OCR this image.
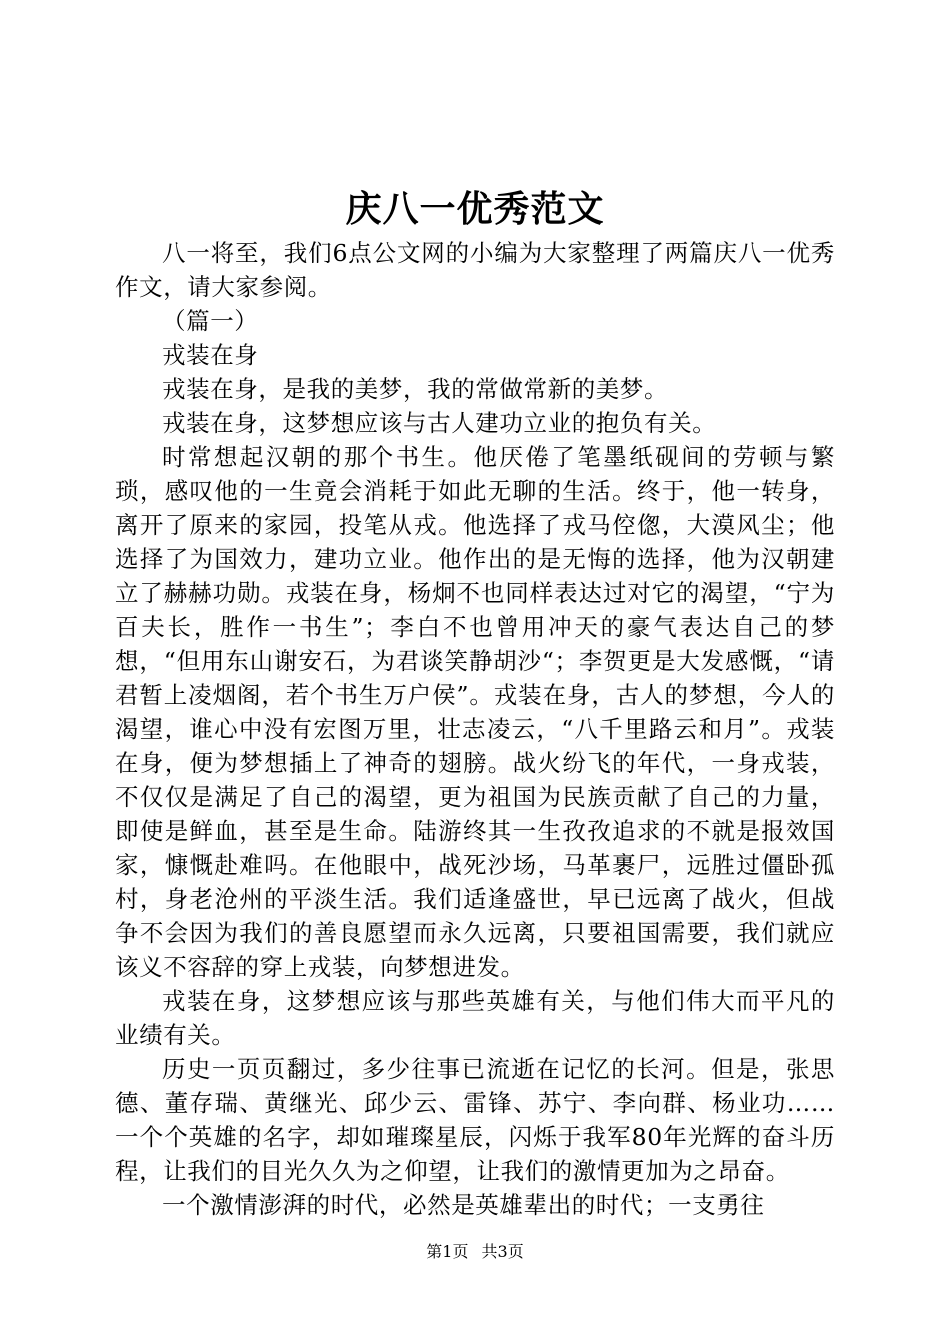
庆八一优秀范文

八一将至，我们6点公文网的小编为大家整理了两篇庆八一优秀作文，请大家参阅。

（篇一）

戎装在身

戎装在身，是我的美梦，我的常做常新的美梦。

戎装在身，这梦想应该与古人建功立业的抱负有关。

时常想起汉朝的那个书生。他厌倦了笔墨纸砚间的劳顿与繁琐，感叹他的一生竟会消耗于如此无聊的生活。终于，他一转身，离开了原来的家园，投笔从戎。他选择了戎马倥偬，大漠风尘；他选择了为国效力，建功立业。他作出的是无悔的选择，他为汉朝建立了赫赫功勋。戎装在身，杨炯不也同样表达过对它的渴望，“宁为百夫长，胜作一书生”；李白不也曾用冲天的豪气表达自己的梦想，“但用东山谢安石，为君谈笑静胡沙“；李贺更是大发感慨，“请君暂上凌烟阁，若个书生万户侯”。戎装在身，古人的梦想，今人的渴望，谁心中没有宏图万里，壮志凌云，“八千里路云和月”。戎装在身，便为梦想插上了神奇的翅膀。战火纷飞的年代，一身戎装，不仅仅是满足了自己的渴望，更为祖国为民族贡献了自己的力量，即使是鲜血，甚至是生命。陆游终其一生孜孜追求的不就是报效国家，慷慨赴难吗。在他眼中，战死沙场，马革裹尸，远胜过僵卧孤村，身老沧州的平淡生活。我们适逢盛世，早已远离了战火，但战争不会因为我们的善良愿望而永久远离，只要祖国需要，我们就应该义不容辞的穿上戎装，向梦想进发。

戎装在身，这梦想应该与那些英雄有关，与他们伟大而平凡的业绩有关。

历史一页页翻过，多少往事已流逝在记忆的长河。但是，张思德、董存瑞、黄继光、邱少云、雷锋、苏宁、李向群、杨业功……一个个英雄的名字，却如璀璨星辰，闪烁于我军80年光辉的奋斗历程，让我们的目光久久为之仰望，让我们的激情更加为之昂奋。

一个激情澎湃的时代，必然是英雄辈出的时代；一支勇往

第1页 共3页
